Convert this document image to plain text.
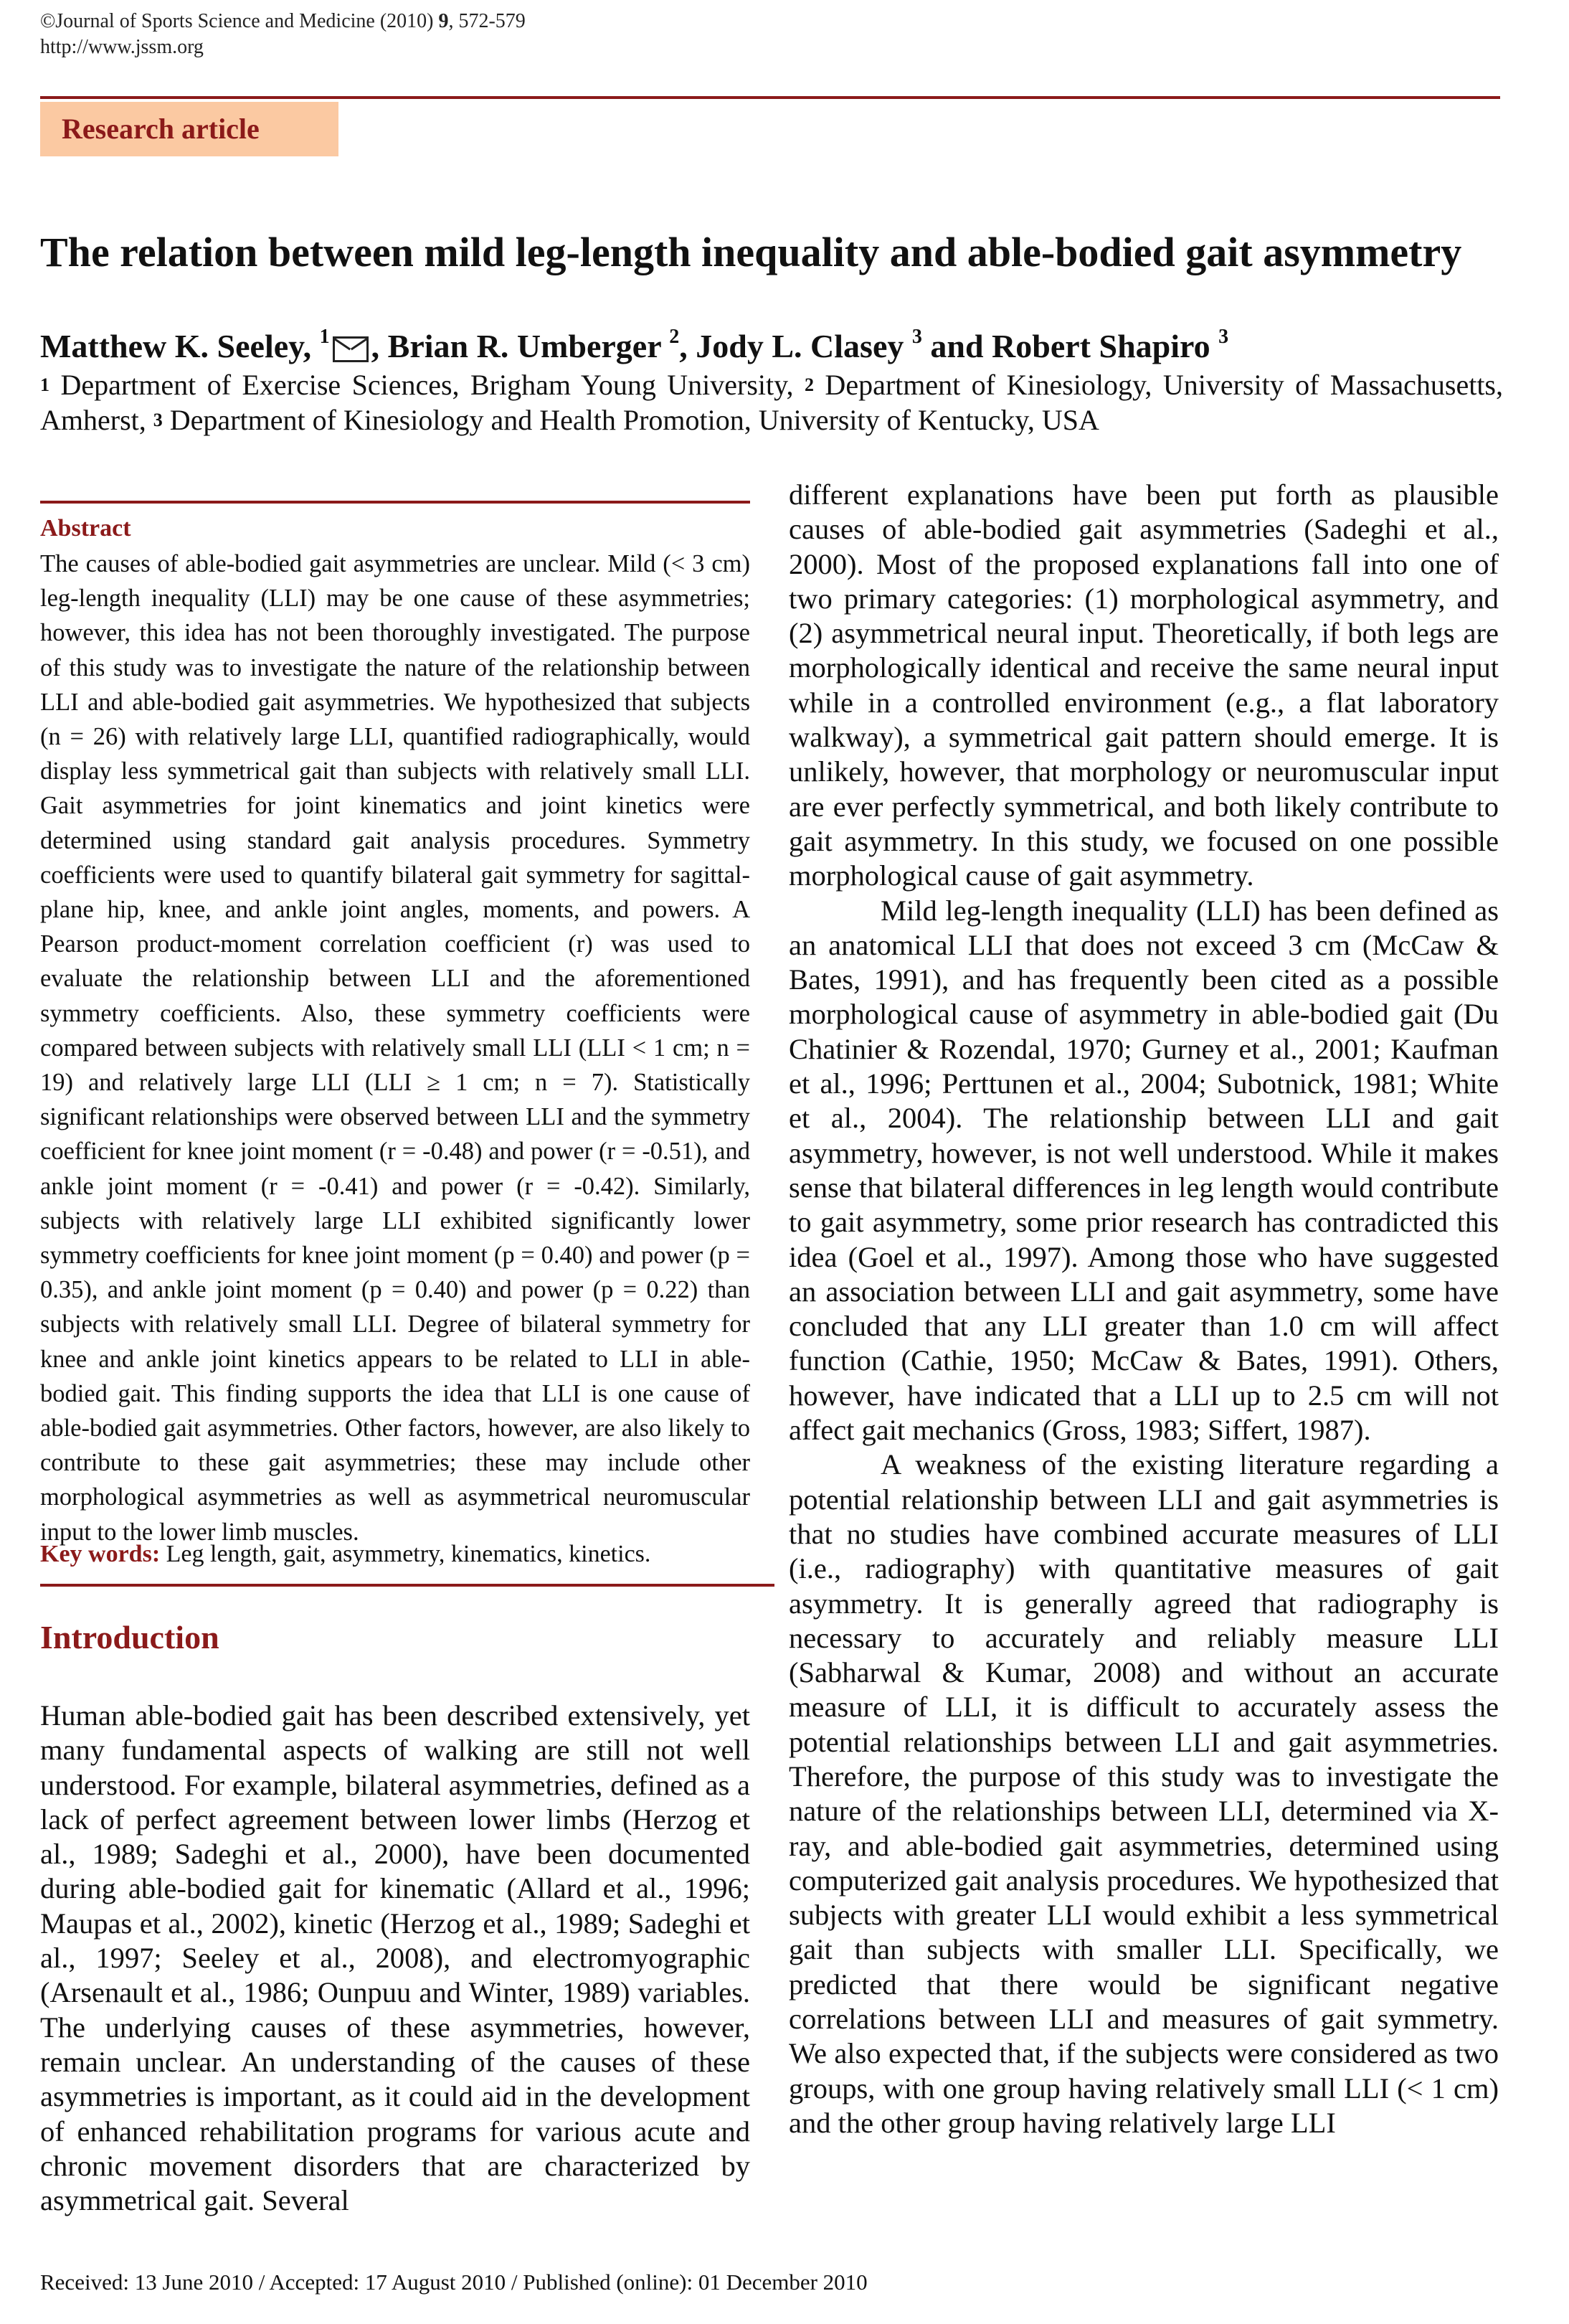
©Journal of Sports Science and Medicine (2010) 9, 572-579
http://www.jssm.org
Research article
The relation between mild leg-length inequality and able-bodied gait asymmetry
Matthew K. Seeley, $^1$ , Brian R. Umberger $^2$, Jody L. Clasey $^3$ and Robert Shapiro $^3$
$^1$ Department of Exercise Sciences, Brigham Young University, $^2$ Department of Kinesiology, University of Massachusetts, Amherst, $^3$ Department of Kinesiology and Health Promotion, University of Kentucky, USA
Abstract
The causes of able-bodied gait asymmetries are unclear. Mild (< 3 cm) leg-length inequality (LLI) may be one cause of these asymmetries; however, this idea has not been thoroughly investigated. The purpose of this study was to investigate the nature of the relationship between LLI and able-bodied gait asymmetries. We hypothesized that subjects (n = 26) with relatively large LLI, quantified radiographically, would display less symmetrical gait than subjects with relatively small LLI. Gait asymmetries for joint kinematics and joint kinetics were determined using standard gait analysis procedures. Symmetry coefficients were used to quantify bilateral gait symmetry for sagittal-plane hip, knee, and ankle joint angles, moments, and powers. A Pearson product-moment correlation coefficient (r) was used to evaluate the relationship between LLI and the aforementioned symmetry coefficients. Also, these symmetry coefficients were compared between subjects with relatively small LLI (LLI < 1 cm; n = 19) and relatively large LLI (LLI ≥ 1 cm; n = 7). Statistically significant relationships were observed between LLI and the symmetry coefficient for knee joint moment (r = -0.48) and power (r = -0.51), and ankle joint moment (r = -0.41) and power (r = -0.42). Similarly, subjects with relatively large LLI exhibited significantly lower symmetry coefficients for knee joint moment (p = 0.40) and power (p = 0.35), and ankle joint moment (p = 0.40) and power (p = 0.22) than subjects with relatively small LLI. Degree of bilateral symmetry for knee and ankle joint kinetics appears to be related to LLI in able-bodied gait. This finding supports the idea that LLI is one cause of able-bodied gait asymmetries. Other factors, however, are also likely to contribute to these gait asymmetries; these may include other morphological asymmetries as well as asymmetrical neuromuscular input to the lower limb muscles.
Key words: Leg length, gait, asymmetry, kinematics, kinetics.
Introduction

Human able-bodied gait has been described extensively, yet many fundamental aspects of walking are still not well understood. For example, bilateral asymmetries, defined as a lack of perfect agreement between lower limbs (Herzog et al., 1989; Sadeghi et al., 2000), have been documented during able-bodied gait for kinematic (Allard et al., 1996; Maupas et al., 2002), kinetic (Herzog et al., 1989; Sadeghi et al., 1997; Seeley et al., 2008), and electromyographic (Arsenault et al., 1986; Ounpuu and Winter, 1989) variables. The underlying causes of these asymmetries, however, remain unclear. An understanding of the causes of these asymmetries is important, as it could aid in the development of enhanced rehabilitation programs for various acute and chronic movement disorders that are characterized by asymmetrical gait. Several

different explanations have been put forth as plausible causes of able-bodied gait asymmetries (Sadeghi et al., 2000). Most of the proposed explanations fall into one of two primary categories: (1) morphological asymmetry, and (2) asymmetrical neural input. Theoretically, if both legs are morphologically identical and receive the same neural input while in a controlled environment (e.g., a flat laboratory walkway), a symmetrical gait pattern should emerge. It is unlikely, however, that morphology or neuromuscular input are ever perfectly symmetrical, and both likely contribute to gait asymmetry. In this study, we focused on one possible morphological cause of gait asymmetry.

Mild leg-length inequality (LLI) has been defined as an anatomical LLI that does not exceed 3 cm (McCaw & Bates, 1991), and has frequently been cited as a possible morphological cause of asymmetry in able-bodied gait (Du Chatinier & Rozendal, 1970; Gurney et al., 2001; Kaufman et al., 1996; Perttunen et al., 2004; Subotnick, 1981; White et al., 2004). The relationship between LLI and gait asymmetry, however, is not well understood. While it makes sense that bilateral differences in leg length would contribute to gait asymmetry, some prior research has contradicted this idea (Goel et al., 1997). Among those who have suggested an association between LLI and gait asymmetry, some have concluded that any LLI greater than 1.0 cm will affect function (Cathie, 1950; McCaw & Bates, 1991). Others, however, have indicated that a LLI up to 2.5 cm will not affect gait mechanics (Gross, 1983; Siffert, 1987).

A weakness of the existing literature regarding a potential relationship between LLI and gait asymmetries is that no studies have combined accurate measures of LLI (i.e., radiography) with quantitative measures of gait asymmetry. It is generally agreed that radiography is necessary to accurately and reliably measure LLI (Sabharwal & Kumar, 2008) and without an accurate measure of LLI, it is difficult to accurately assess the potential relationships between LLI and gait asymmetries. Therefore, the purpose of this study was to investigate the nature of the relationships between LLI, determined via X-ray, and able-bodied gait asymmetries, determined using computerized gait analysis procedures. We hypothesized that subjects with greater LLI would exhibit a less symmetrical gait than subjects with smaller LLI. Specifically, we predicted that there would be significant negative correlations between LLI and measures of gait symmetry. We also expected that, if the subjects were considered as two groups, with one group having relatively small LLI (< 1 cm) and the other group having relatively large LLI

Received: 13 June 2010 / Accepted: 17 August 2010 / Published (online): 01 December 2010
